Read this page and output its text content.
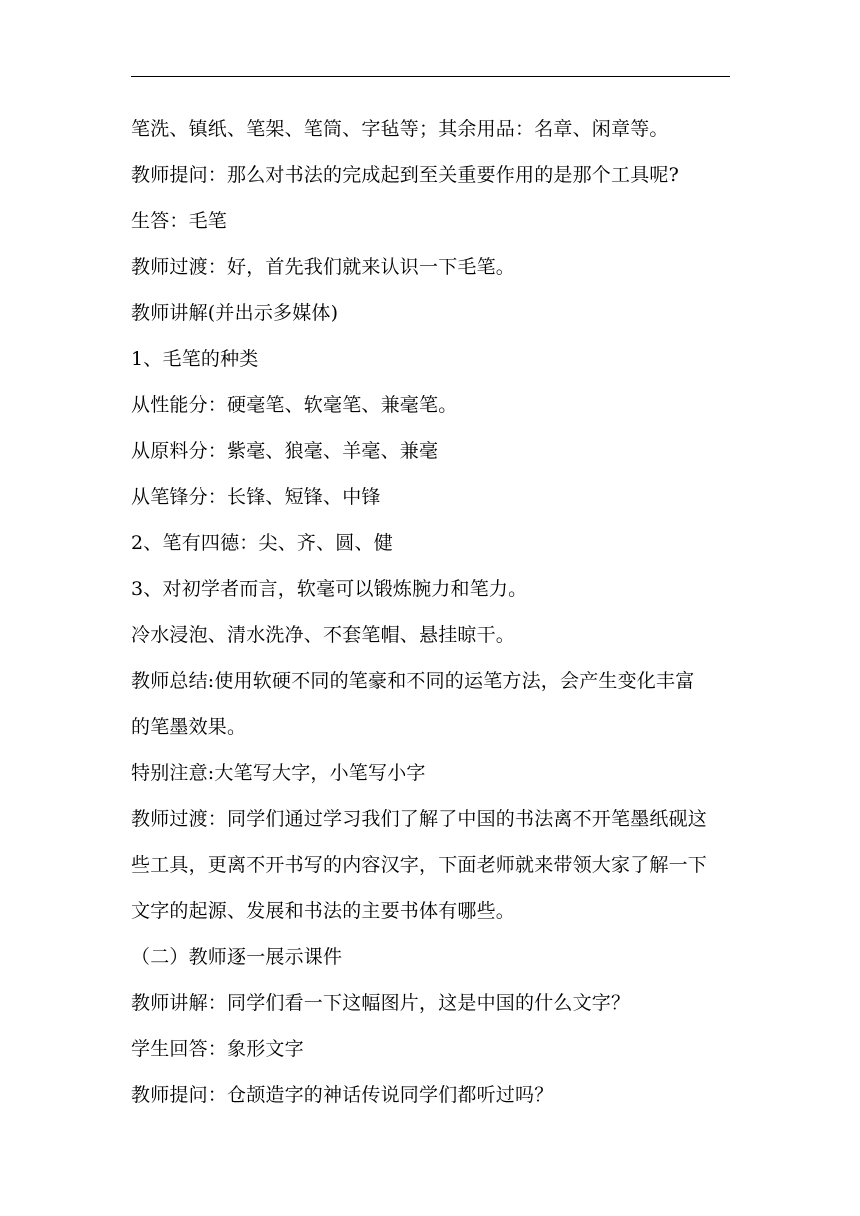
笔洗、镇纸、笔架、笔筒、字毡等；其余用品：名章、闲章等。
教师提问：那么对书法的完成起到至关重要作用的是那个工具呢?
生答：毛笔
教师过渡：好，首先我们就来认识一下毛笔。
教师讲解(并出示多媒体)
1、毛笔的种类
从性能分：硬毫笔、软毫笔、兼毫笔。
从原料分：紫毫、狼毫、羊毫、兼毫
从笔锋分：长锋、短锋、中锋
2、笔有四德：尖、齐、圆、健
3、对初学者而言，软毫可以锻炼腕力和笔力。
冷水浸泡、清水洗净、不套笔帽、悬挂晾干。
教师总结:使用软硬不同的笔豪和不同的运笔方法，会产生变化丰富
的笔墨效果。
特别注意:大笔写大字，小笔写小字
教师过渡：同学们通过学习我们了解了中国的书法离不开笔墨纸砚这
些工具，更离不开书写的内容汉字，下面老师就来带领大家了解一下
文字的起源、发展和书法的主要书体有哪些。
（二）教师逐一展示课件
教师讲解：同学们看一下这幅图片，这是中国的什么文字？
学生回答：象形文字
教师提问：仓颉造字的神话传说同学们都听过吗？
